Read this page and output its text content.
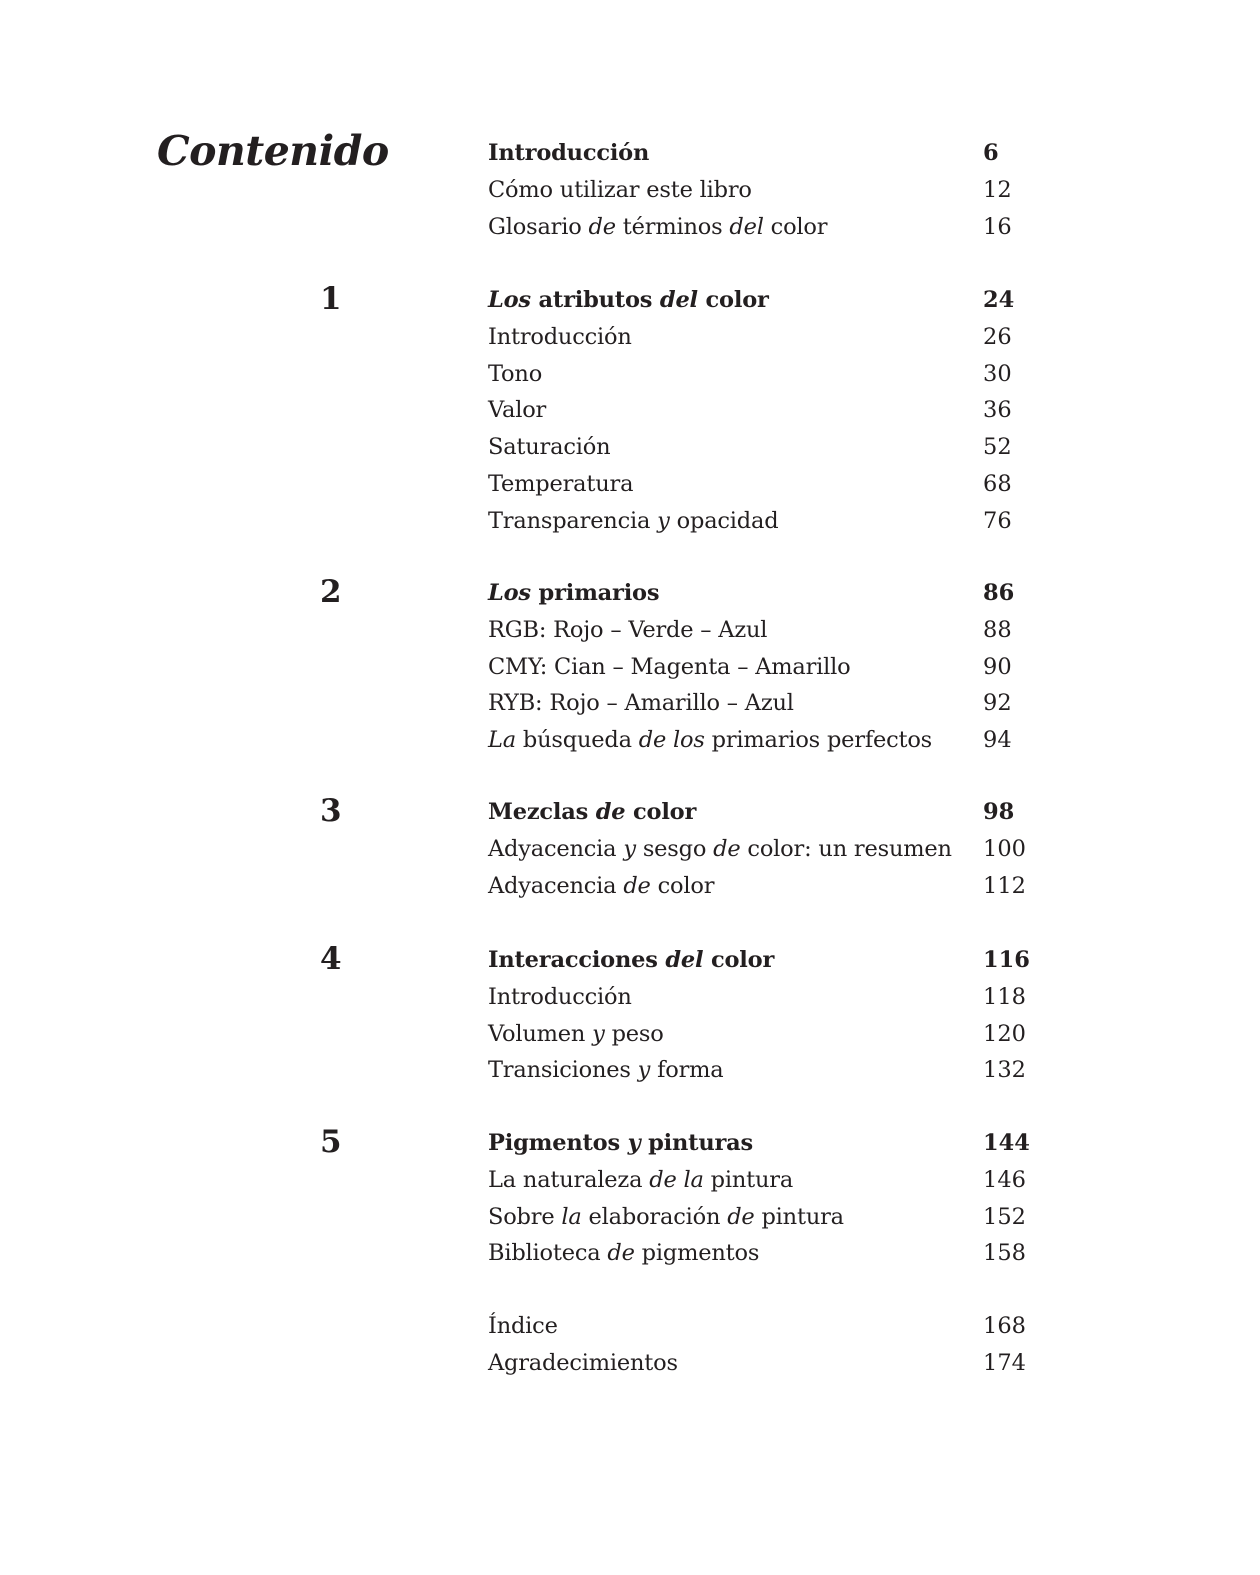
Contenido	Introducción	6
Cómo utilizar este libro	12
Glosario de términos del color	16
1	Los atributos del color	24
Introducción	26
Tono	30
Valor	36
Saturación	52
Temperatura	68
Transparencia y opacidad	76
2	Los primarios	86
RGB: Rojo – Verde – Azul	88
CMY: Cian – Magenta – Amarillo	90
RYB: Rojo – Amarillo – Azul	92
La búsqueda de los primarios perfectos 94
3	Mezclas de color	98
Adyacencia y sesgo de color: un resumen 100
Adyacencia de color	112
4	Interacciones del color	116
Introducción	118
Volumen y peso	120
Transiciones y forma	132
5	Pigmentos y pinturas	144
La naturaleza de la pintura	146
Sobre la elaboración de pintura	152
Biblioteca de pigmentos	158
Índice	168
Agradecimientos	174
